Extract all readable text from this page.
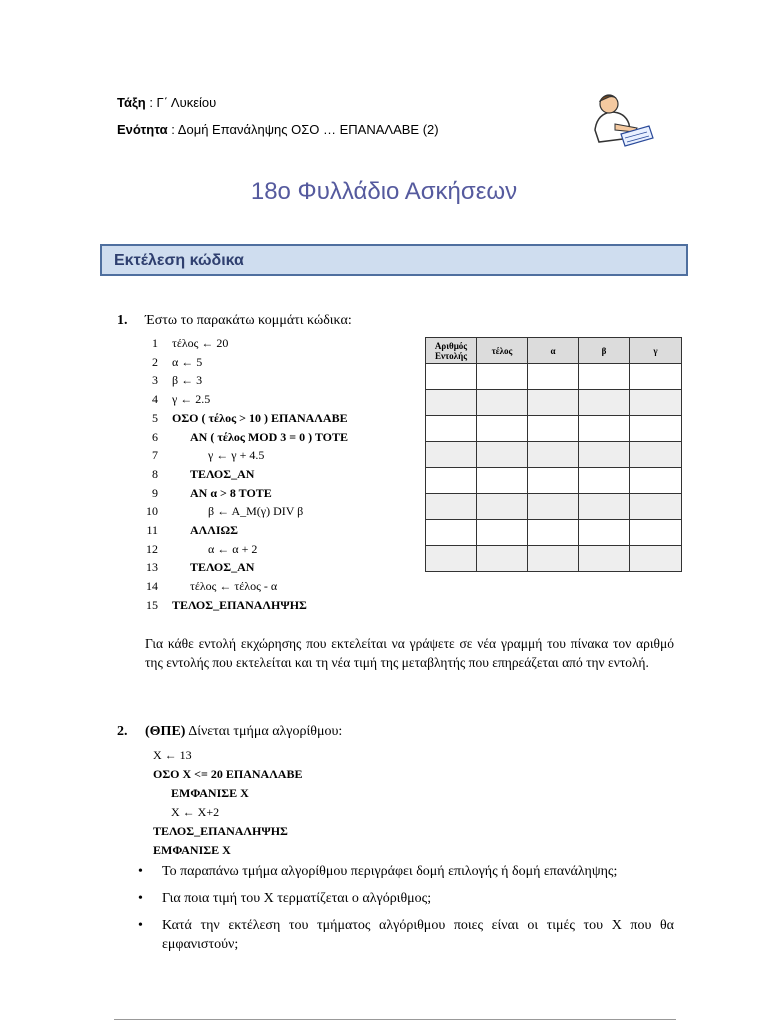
Τάξη : Γ΄ Λυκείου
Ενότητα : Δομή Επανάληψης ΟΣΟ … ΕΠΑΝΑΛΑΒΕ (2)
18ο Φυλλάδιο Ασκήσεων
Εκτέλεση κώδικα
1. Έστω το παρακάτω κομμάτι κώδικα:
1 τέλος ← 20
2 α ← 5
3 β ← 3
4 γ ← 2.5
5 ΟΣΟ ( τέλος > 10 ) ΕΠΑΝΑΛΑΒΕ
6	ΑΝ ( τέλος MOD 3 = 0 ) ΤΟΤΕ
7	γ ← γ + 4.5
8	ΤΕΛΟΣ_ΑΝ
9	ΑΝ α > 8 ΤΟΤΕ
10	β ← Α_Μ(γ) DIV β
11	ΑΛΛΙΩΣ
12	α ← α + 2
13	ΤΕΛΟΣ_ΑΝ
14	τέλος ← τέλος - α
15 ΤΕΛΟΣ_ΕΠΑΝΑΛΗΨΗΣ
Αριθμός Εντολής	τέλος	α	β	γ

Για κάθε εντολή εκχώρησης που εκτελείται να γράψετε σε νέα γραμμή του πίνακα τον αριθμό της εντολής που εκτελείται και τη νέα τιμή της μεταβλητής που επηρεάζεται από την εντολή.
2. (ΘΠΕ) Δίνεται τμήμα αλγορίθμου:
Χ ← 13
ΟΣΟ Χ <= 20 ΕΠΑΝΑΛΑΒΕ
ΕΜΦΑΝΙΣΕ Χ
Χ ← Χ+2
ΤΕΛΟΣ_ΕΠΑΝΑΛΗΨΗΣ
ΕΜΦΑΝΙΣΕ Χ
• Το παραπάνω τμήμα αλγορίθμου περιγράφει δομή επιλογής ή δομή επανάληψης;
• Για ποια τιμή του Χ τερματίζεται ο αλγόριθμος;
• Κατά την εκτέλεση του τμήματος αλγόριθμου ποιες είναι οι τιμές του Χ που θα εμφανιστούν;
